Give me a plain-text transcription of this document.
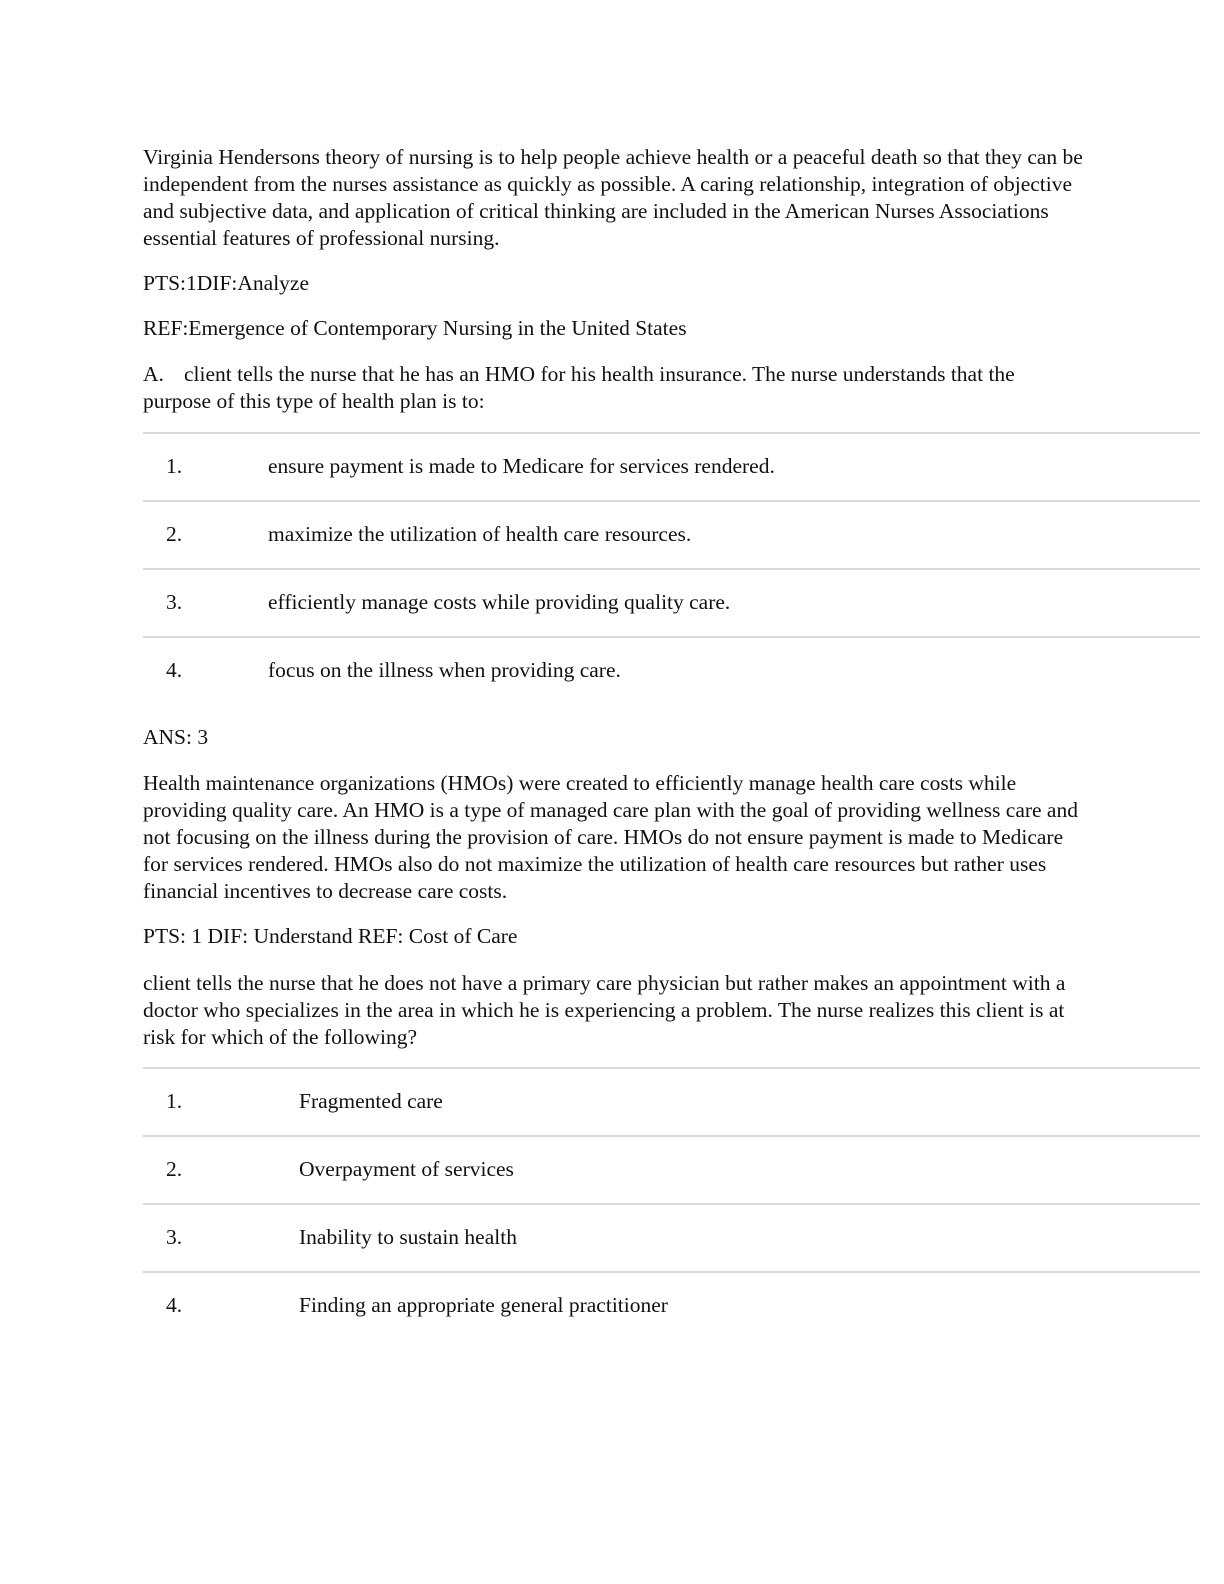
Virginia Hendersons theory of nursing is to help people achieve health or a peaceful death so that they can be independent from the nurses assistance as quickly as possible. A caring relationship, integration of objective and subjective data, and application of critical thinking are included in the American Nurses Associations essential features of professional nursing.

PTS:1DIF:Analyze

REF:Emergence of Contemporary Nursing in the United States

A. client tells the nurse that he has an HMO for his health insurance. The nurse understands that the purpose of this type of health plan is to:

1.	ensure payment is made to Medicare for services rendered.
2.	maximize the utilization of health care resources.
3.	efficiently manage costs while providing quality care.
4.	focus on the illness when providing care.

ANS: 3

Health maintenance organizations (HMOs) were created to efficiently manage health care costs while providing quality care. An HMO is a type of managed care plan with the goal of providing wellness care and not focusing on the illness during the provision of care. HMOs do not ensure payment is made to Medicare for services rendered. HMOs also do not maximize the utilization of health care resources but rather uses financial incentives to decrease care costs.

PTS: 1 DIF: Understand REF: Cost of Care

client tells the nurse that he does not have a primary care physician but rather makes an appointment with a doctor who specializes in the area in which he is experiencing a problem. The nurse realizes this client is at risk for which of the following?

1.	Fragmented care
2.	Overpayment of services
3.	Inability to sustain health
4.	Finding an appropriate general practitioner
